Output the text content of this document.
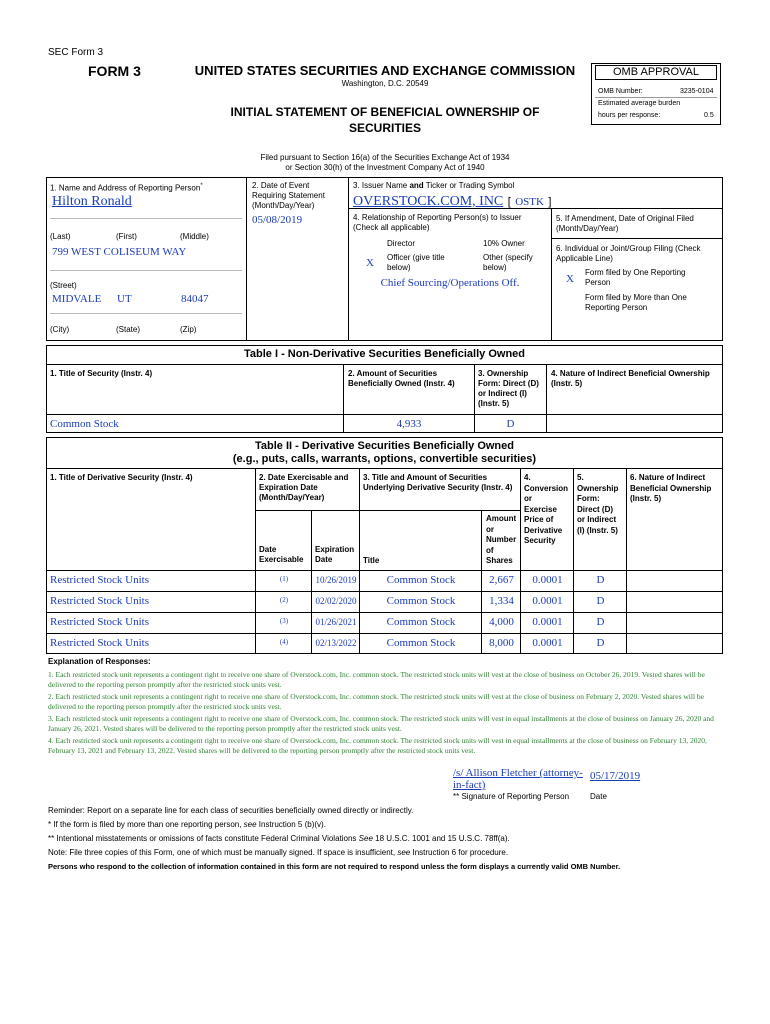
SEC Form 3
FORM 3	UNITED STATES SECURITIES AND EXCHANGE COMMISSION
Washington, D.C. 20549
INITIAL STATEMENT OF BENEFICIAL OWNERSHIP OF
SECURITIES
OMB APPROVAL
OMB Number:	3235-0104
Estimated average burden
hours per response:	0.5
Filed pursuant to Section 16(a) of the Securities Exchange Act of 1934
or Section 30(h) of the Investment Company Act of 1940
1. Name and Address of Reporting Person*
Hilton Ronald
(Last)	(First)	(Middle)
799 WEST COLISEUM WAY
(Street)
MIDVALE UT	84047
(City)	(State)	(Zip)
2. Date of Event
Requiring Statement
(Month/Day/Year)
05/08/2019
3. Issuer Name and Ticker or Trading Symbol
OVERSTOCK.COM, INC [ OSTK ]
4. Relationship of Reporting Person(s) to Issuer
(Check all applicable)
Director	10% Owner
X Officer (give title
below)
Other (specify
below)
Chief Sourcing/Operations Off.
5. If Amendment, Date of Original Filed
(Month/Day/Year)
6. Individual or Joint/Group Filing (Check
Applicable Line)
X
Form filed by One Reporting
Person
Form filed by More than One
Reporting Person
Table I - Non-Derivative Securities Beneficially Owned
1. Title of Security (Instr. 4)	2. Amount of Securities
Beneficially Owned (Instr. 4)
3. Ownership
Form: Direct (D)
or Indirect (I)
(Instr. 5)
4. Nature of Indirect Beneficial Ownership
(Instr. 5)
Common Stock	4,933	D
Table II - Derivative Securities Beneficially Owned
(e.g., puts, calls, warrants, options, convertible securities)
1. Title of Derivative Security (Instr. 4)	2. Date Exercisable and
Expiration Date
(Month/Day/Year)
3. Title and Amount of Securities
Underlying Derivative Security (Instr. 4)
4.
Conversion
or
Exercise
Price of
Derivative
Security
5.
Ownership
Form:
Direct (D)
or Indirect
(I) (Instr. 5)
6. Nature of Indirect
Beneficial Ownership
(Instr. 5)
Date
Exercisable
Expiration
Date	Title
Amount
or
Number
of
Shares
Restricted Stock Units	(1)	10/26/2019	Common Stock	2,667	0.0001	D
Restricted Stock Units	(2)	02/02/2020	Common Stock	1,334	0.0001	D
Restricted Stock Units	(3)	01/26/2021	Common Stock	4,000	0.0001	D
Restricted Stock Units	(4)	02/13/2022	Common Stock	8,000	0.0001	D
Explanation of Responses:
1. Each restricted stock unit represents a contingent right to receive one share of Overstock.com, Inc. common stock. The restricted stock units will vest at the close of business on October 26, 2019. Vested shares will be delivered to the reporting person promptly after the restricted stock units vest.
2. Each restricted stock unit represents a contingent right to receive one share of Overstock.com, Inc. common stock. The restricted stock units will vest at the close of business on February 2, 2020. Vested shares will be delivered to the reporting person promptly after the restricted stock units vest.
3. Each restricted stock unit represents a contingent right to receive one share of Overstock.com, Inc. common stock. The restricted stock units will vest in equal installments at the close of business on January 26, 2020 and January 26, 2021. Vested shares will be delivered to the reporting person promptly after the restricted stock units vest.
4. Each restricted stock unit represents a contingent right to receive one share of Overstock.com, Inc. common stock. The restricted stock units will vest in equal installments at the close of business on February 13, 2020, February 13, 2021 and February 13, 2022. Vested shares will be delivered to the reporting person promptly after the restricted stock units vest.
/s/ Allison Fletcher (attorney-
in-fact)
05/17/2019
** Signature of Reporting Person	Date
Reminder: Report on a separate line for each class of securities beneficially owned directly or indirectly.
* If the form is filed by more than one reporting person, see Instruction 5 (b)(v).
** Intentional misstatements or omissions of facts constitute Federal Criminal Violations See 18 U.S.C. 1001 and 15 U.S.C. 78ff(a).
Note: File three copies of this Form, one of which must be manually signed. If space is insufficient, see Instruction 6 for procedure.
Persons who respond to the collection of information contained in this form are not required to respond unless the form displays a currently valid OMB Number.
